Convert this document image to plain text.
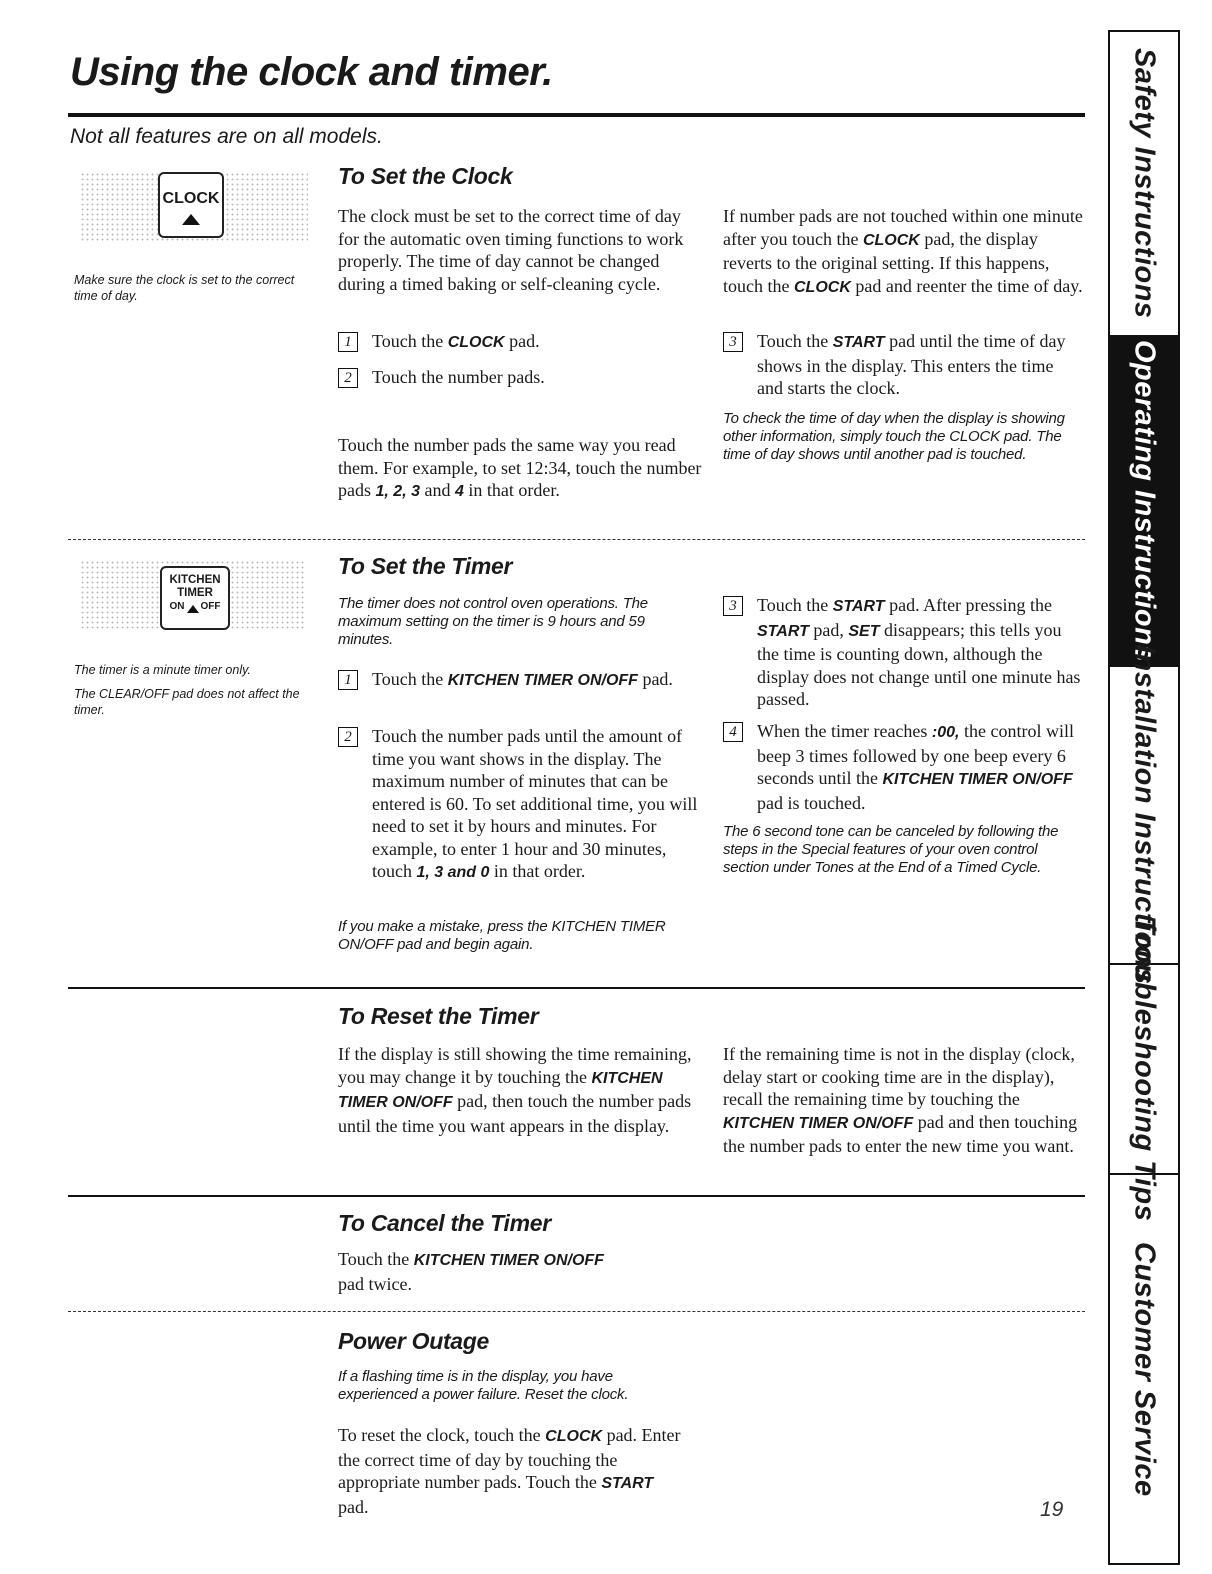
Using the clock and timer.
Not all features are on all models.
CLOCK

Make sure the clock is set to the correct time of day.

To Set the Clock

The clock must be set to the correct time of day for the automatic oven timing functions to work properly. The time of day cannot be changed during a timed baking or self-cleaning cycle.

1	Touch the CLOCK pad.

2	Touch the number pads.

Touch the number pads the same way you read them. For example, to set 12:34, touch the number pads 1, 2, 3 and 4 in that order.

If number pads are not touched within one minute after you touch the CLOCK pad, the display reverts to the original setting. If this happens, touch the CLOCK pad and reenter the time of day.

3	Touch the START pad until the time of day shows in the display. This enters the time and starts the clock.

To check the time of day when the display is showing other information, simply touch the CLOCK pad. The time of day shows until another pad is touched.

KITCHEN
TIMER
ON OFF

The timer is a minute timer only.

The CLEAR/OFF pad does not affect the timer.

To Set the Timer

The timer does not control oven operations. The maximum setting on the timer is 9 hours and 59 minutes.

1	Touch the KITCHEN TIMER ON/OFF pad.

2	Touch the number pads until the amount of time you want shows in the display. The maximum number of minutes that can be entered is 60. To set additional time, you will need to set it by hours and minutes. For example, to enter 1 hour and 30 minutes, touch 1, 3 and 0 in that order.

If you make a mistake, press the KITCHEN TIMER ON/OFF pad and begin again.

3	Touch the START pad. After pressing the START pad, SET disappears; this tells you the time is counting down, although the display does not change until one minute has passed.

4	When the timer reaches :00, the control will beep 3 times followed by one beep every 6 seconds until the KITCHEN TIMER ON/OFF pad is touched.

The 6 second tone can be canceled by following the steps in the Special features of your oven control section under Tones at the End of a Timed Cycle.

To Reset the Timer

If the display is still showing the time remaining, you may change it by touching the KITCHEN TIMER ON/OFF pad, then touch the number pads until the time you want appears in the display.

If the remaining time is not in the display (clock, delay start or cooking time are in the display), recall the remaining time by touching the KITCHEN TIMER ON/OFF pad and then touching the number pads to enter the new time you want.

To Cancel the Timer

Touch the KITCHEN TIMER ON/OFF
pad twice.

Power Outage

If a flashing time is in the display, you have experienced a power failure. Reset the clock.

To reset the clock, touch the CLOCK pad. Enter the correct time of day by touching the appropriate number pads. Touch the START pad.	19
Safety Instructions
Operating Instructions
Installation Instructions
Troubleshooting Tips
Customer Service
